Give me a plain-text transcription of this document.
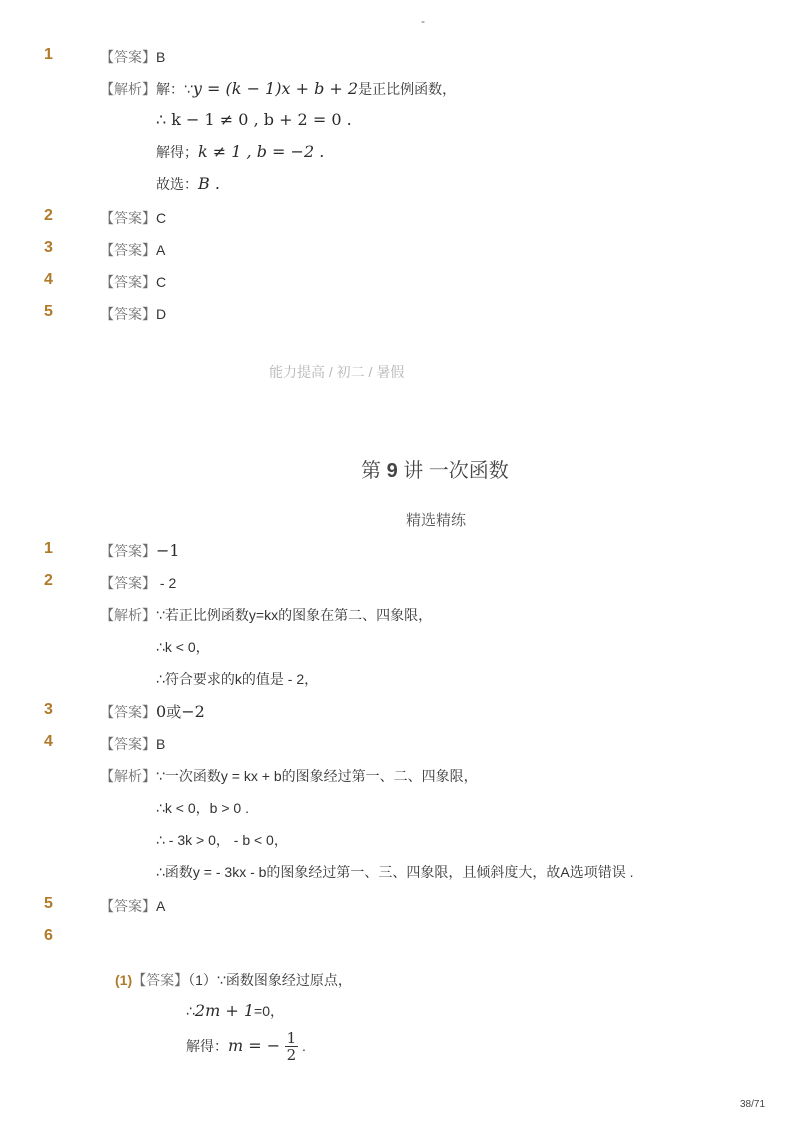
-
1	【答案】B
【解析】解：∵y = (k − 1)x + b + 2是正比例函数，
∴ k − 1 ≠ 0 , b + 2 = 0 .
解得；k ≠ 1 , b = −2 .
故选：B .
2	【答案】C
3	【答案】A
4	【答案】C
5	【答案】D
能力提高 / 初二 / 暑假
第 9 讲 一次函数
精选精练
1	【答案】−1
2	【答案】 - 2
【解析】∵若正比例函数y=kx的图象在第二、四象限，
∴k < 0，
∴符合要求的k的值是 - 2，
3	【答案】0或−2
4	【答案】B
【解析】∵一次函数y = kx + b的图象经过第一、二、四象限，
∴k < 0，b > 0 .
∴ - 3k > 0， - b < 0，
∴函数y = - 3kx - b的图象经过第一、三、四象限，且倾斜度大，故A选项错误 .
5	【答案】A
6
(1)【答案】（1）∵函数图象经过原点，
∴2m + 1=0，
解得：m = − $\frac{1}{2}$ .
38/71
